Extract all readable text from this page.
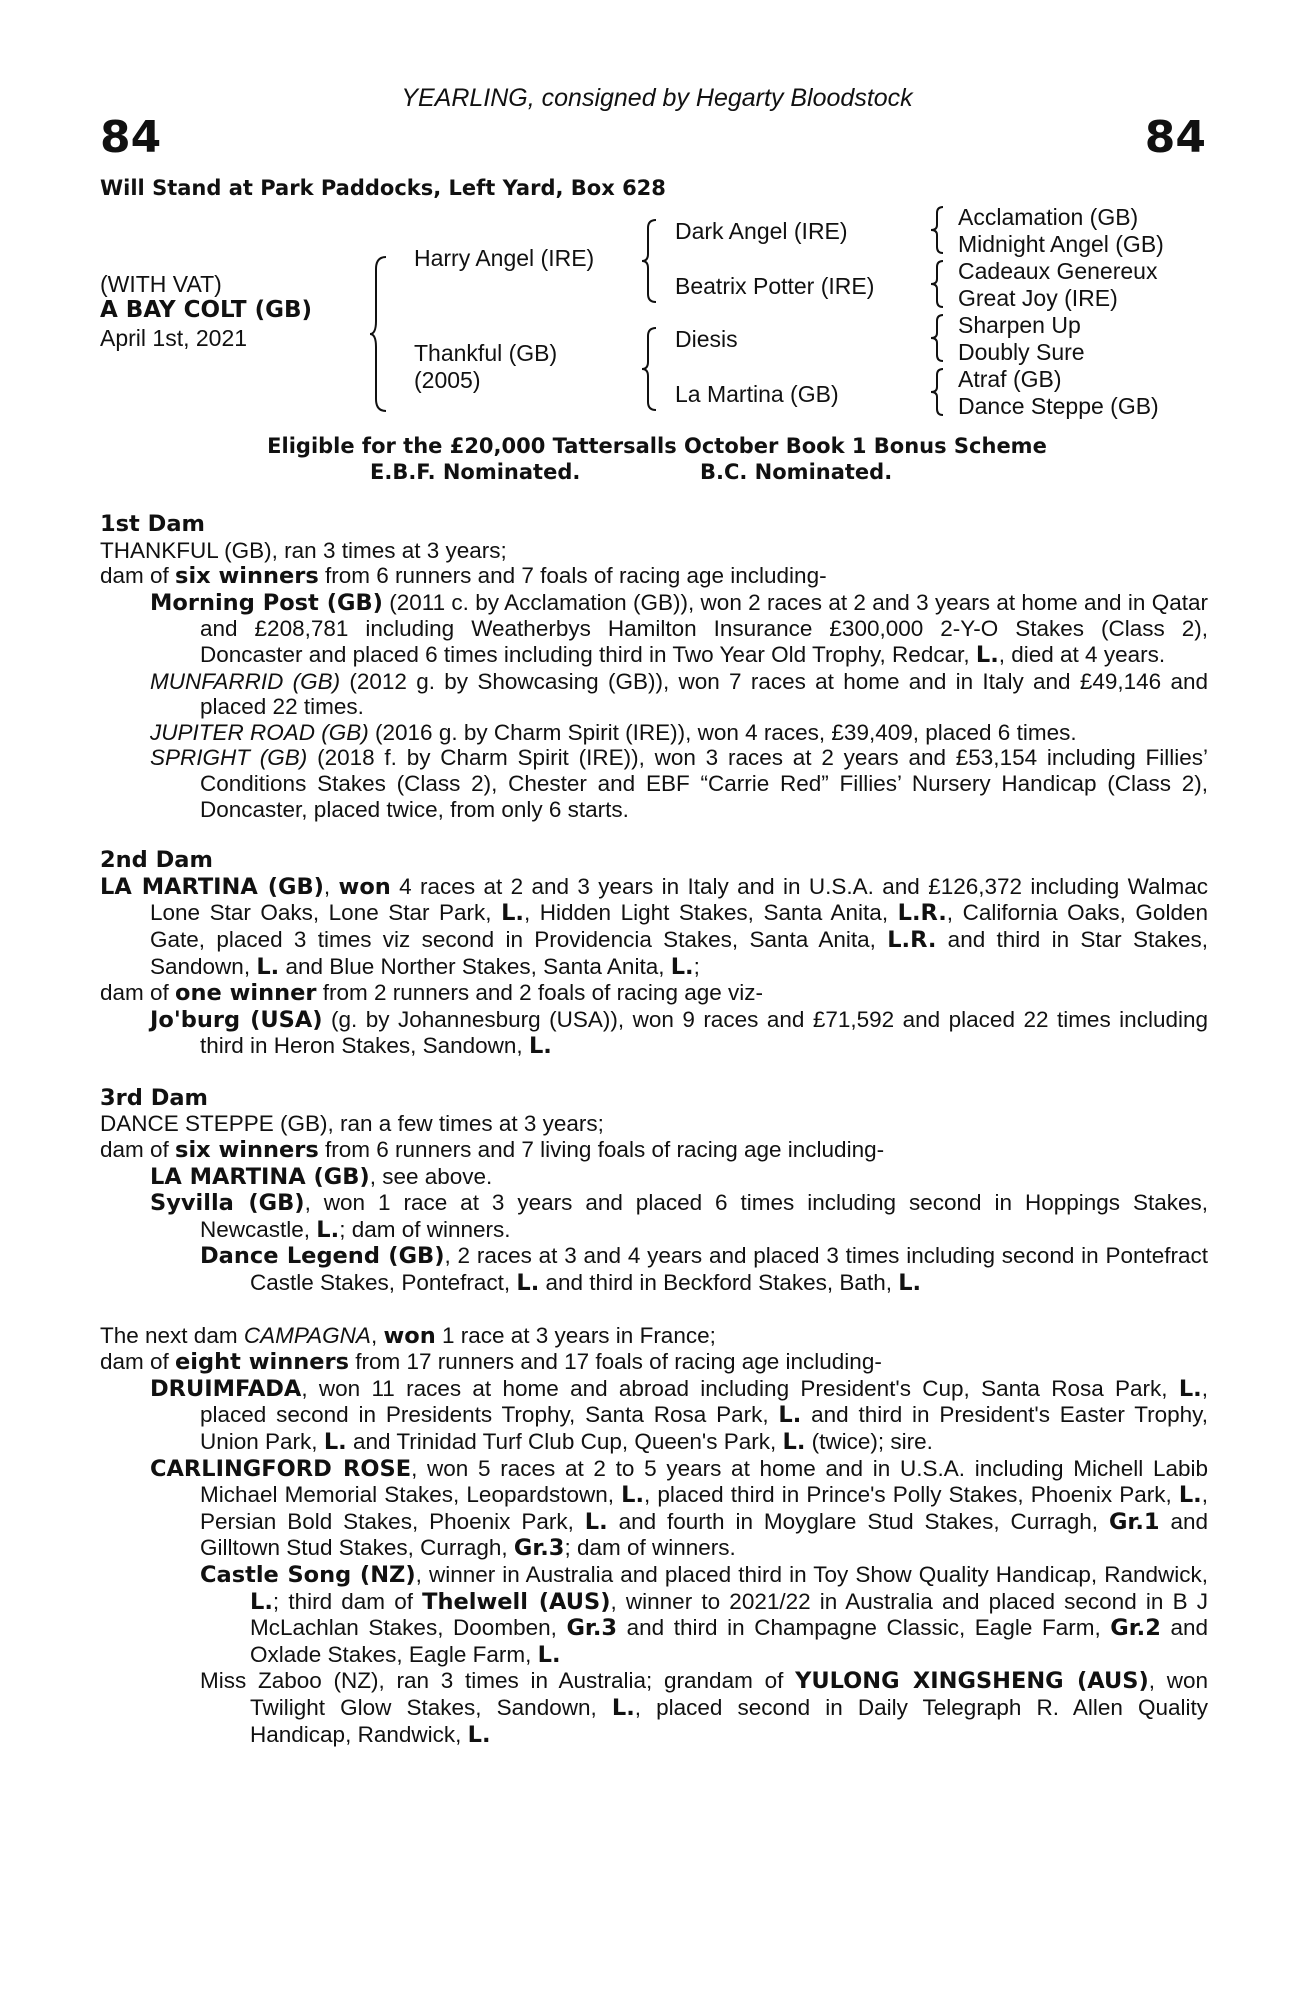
YEARLING, consigned by Hegarty Bloodstock
84	84
Will Stand at Park Paddocks, Left Yard, Box 628
(WITH VAT)
A BAY COLT (GB)
April 1st, 2021
Harry Angel (IRE)
Thankful (GB)
(2005)
Dark Angel (IRE)
Beatrix Potter (IRE)
Diesis
La Martina (GB)
Acclamation (GB)
Midnight Angel (GB)
Cadeaux Genereux
Great Joy (IRE)
Sharpen Up
Doubly Sure
Atraf (GB)
Dance Steppe (GB)
Eligible for the £20,000 Tattersalls October Book 1 Bonus Scheme
E.B.F. Nominated.	B.C. Nominated.

1st Dam

THANKFUL (GB), ran 3 times at 3 years;

dam of six winners from 6 runners and 7 foals of racing age including-

Morning Post (GB) (2011 c. by Acclamation (GB)), won 2 races at 2 and 3 years at home and in Qatar and £208,781 including Weatherbys Hamilton Insurance £300,000 2-Y-O Stakes (Class 2), Doncaster and placed 6 times including third in Two Year Old Trophy, Redcar, L., died at 4 years.

MUNFARRID (GB) (2012 g. by Showcasing (GB)), won 7 races at home and in Italy and £49,146 and placed 22 times.

JUPITER ROAD (GB) (2016 g. by Charm Spirit (IRE)), won 4 races, £39,409, placed 6 times.

SPRIGHT (GB) (2018 f. by Charm Spirit (IRE)), won 3 races at 2 years and £53,154 including Fillies’ Conditions Stakes (Class 2), Chester and EBF “Carrie Red” Fillies’ Nursery Handicap (Class 2), Doncaster, placed twice, from only 6 starts.

2nd Dam

LA MARTINA (GB), won 4 races at 2 and 3 years in Italy and in U.S.A. and £126,372 including Walmac Lone Star Oaks, Lone Star Park, L., Hidden Light Stakes, Santa Anita, L.R., California Oaks, Golden Gate, placed 3 times viz second in Providencia Stakes, Santa Anita, L.R. and third in Star Stakes, Sandown, L. and Blue Norther Stakes, Santa Anita, L.;

dam of one winner from 2 runners and 2 foals of racing age viz-

Jo'burg (USA) (g. by Johannesburg (USA)), won 9 races and £71,592 and placed 22 times including third in Heron Stakes, Sandown, L.

3rd Dam

DANCE STEPPE (GB), ran a few times at 3 years;

dam of six winners from 6 runners and 7 living foals of racing age including-

LA MARTINA (GB), see above.

Syvilla (GB), won 1 race at 3 years and placed 6 times including second in Hoppings Stakes, Newcastle, L.; dam of winners.

Dance Legend (GB), 2 races at 3 and 4 years and placed 3 times including second in Pontefract Castle Stakes, Pontefract, L. and third in Beckford Stakes, Bath, L.

The next dam CAMPAGNA, won 1 race at 3 years in France;

dam of eight winners from 17 runners and 17 foals of racing age including-

DRUIMFADA, won 11 races at home and abroad including President's Cup, Santa Rosa Park, L., placed second in Presidents Trophy, Santa Rosa Park, L. and third in President's Easter Trophy, Union Park, L. and Trinidad Turf Club Cup, Queen's Park, L. (twice); sire.

CARLINGFORD ROSE, won 5 races at 2 to 5 years at home and in U.S.A. including Michell Labib Michael Memorial Stakes, Leopardstown, L., placed third in Prince's Polly Stakes, Phoenix Park, L., Persian Bold Stakes, Phoenix Park, L. and fourth in Moyglare Stud Stakes, Curragh, Gr.1 and Gilltown Stud Stakes, Curragh, Gr.3; dam of winners.

Castle Song (NZ), winner in Australia and placed third in Toy Show Quality Handicap, Randwick, L.; third dam of Thelwell (AUS), winner to 2021/22 in Australia and placed second in B J McLachlan Stakes, Doomben, Gr.3 and third in Champagne Classic, Eagle Farm, Gr.2 and Oxlade Stakes, Eagle Farm, L.

Miss Zaboo (NZ), ran 3 times in Australia; grandam of YULONG XINGSHENG (AUS), won Twilight Glow Stakes, Sandown, L., placed second in Daily Telegraph R. Allen Quality Handicap, Randwick, L.
